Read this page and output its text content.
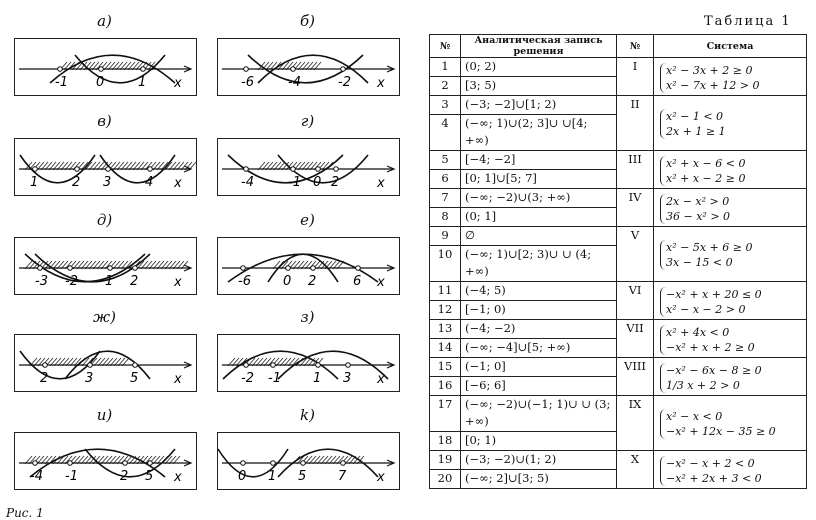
а)
-1 0	1 x
б)
-6	-4	-2 x
в)
1	2 3	4 x
г)
-4	-1 0 2	x
д)
-3 -2 1 2	x
е)
-6 0 2	6 x
ж)
2	3	5	x
з)
-2 -1 1 3 x
и)
-4 -1	2 5 x
k)
0 1 5 7 x
Рис. 1
Таблица 1
№	Аналитическая запись решения	№	Система
1	(0; 2)	I	x² − 3x + 2 ≥ 0
x² − 7x + 12 > 0

2	[3; 5)		
3	(−3; −2]∪[1; 2)	II	x² − 1 < 0
2x + 1 ≥ 1

4	(−∞; 1)∪(2; 3]∪ ∪[4; +∞)		
5	[−4; −2]	III	x² + x − 6 < 0
x² + x − 2 ≥ 0

6	[0; 1]∪[5; 7]		
7	(−∞; −2)∪(3; +∞)	IV	2x − x² > 0
36 − x² > 0

8	(0; 1]		
9	∅	V	x² − 5x + 6 ≥ 0
3x − 15 < 0

10	(−∞; 1)∪[2; 3)∪ ∪ (4; +∞)		
11	(−4; 5)	VI	−x² + x + 20 ≤ 0
x² − x − 2 > 0

12	[−1; 0)		
13	(−4; −2)	VII	x² + 4x < 0
−x² + x + 2 ≥ 0

14	(−∞; −4]∪[5; +∞)		
15	(−1; 0]	VIII	−x² − 6x − 8 ≥ 0
1/3 x + 2 > 0

16	[−6; 6]		
17	(−∞; −2)∪(−1; 1)∪ ∪ (3; +∞)	IX	x² − x < 0
−x² + 12x − 35 ≥ 0

18	[0; 1)		
19	(−3; −2)∪(1; 2)	X	−x² − x + 2 < 0
−x² + 2x + 3 < 0

20	(−∞; 2]∪[3; 5)		
